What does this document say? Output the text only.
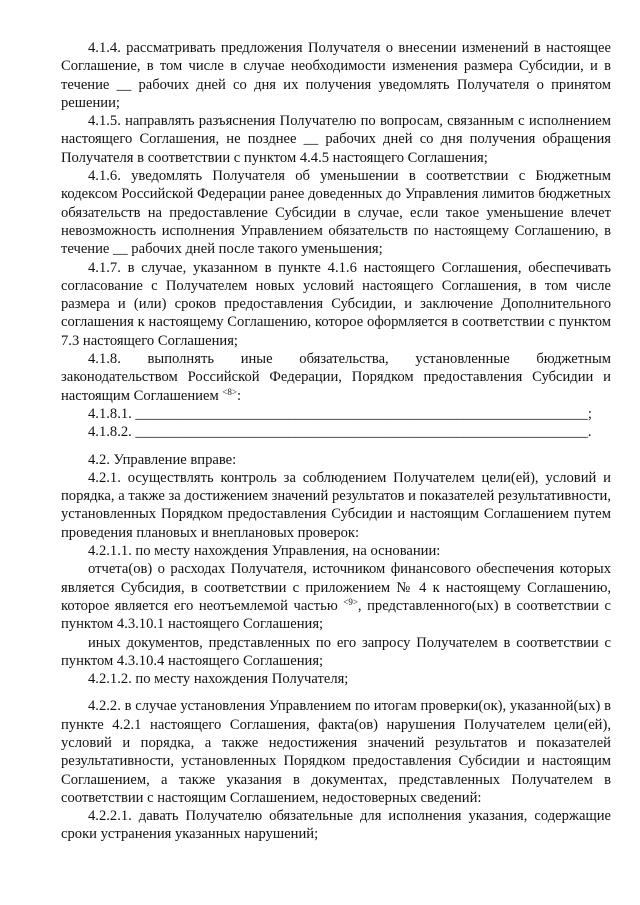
4.1.4. рассматривать предложения Получателя о внесении изменений в настоящее Соглашение, в том числе в случае необходимости изменения размера Субсидии, и в течение __ рабочих дней со дня их получения уведомлять Получателя о принятом решении;

4.1.5. направлять разъяснения Получателю по вопросам, связанным с исполнением настоящего Соглашения, не позднее __ рабочих дней со дня получения обращения Получателя в соответствии с пунктом 4.4.5 настоящего Соглашения;

4.1.6. уведомлять Получателя об уменьшении в соответствии с Бюджетным кодексом Российской Федерации ранее доведенных до Управления лимитов бюджетных обязательств на предоставление Субсидии в случае, если такое уменьшение влечет невозможность исполнения Управлением обязательств по настоящему Соглашению, в течение __ рабочих дней после такого уменьшения;

4.1.7. в случае, указанном в пункте 4.1.6 настоящего Соглашения, обеспечивать согласование с Получателем новых условий настоящего Соглашения, в том числе размера и (или) сроков предоставления Субсидии, и заключение Дополнительного соглашения к настоящему Соглашению, которое оформляется в соответствии с пунктом 7.3 настоящего Соглашения;

4.1.8. выполнять иные обязательства, установленные бюджетным законодательством Российской Федерации, Порядком предоставления Субсидии и настоящим Соглашением $^{<8>}$:

4.1.8.1. ______________________________________________________________;

4.1.8.2. ______________________________________________________________.

4.2. Управление вправе:

4.2.1. осуществлять контроль за соблюдением Получателем цели(ей), условий и порядка, а также за достижением значений результатов и показателей результативности, установленных Порядком предоставления Субсидии и настоящим Соглашением путем проведения плановых и внеплановых проверок:

4.2.1.1. по месту нахождения Управления, на основании:

отчета(ов) о расходах Получателя, источником финансового обеспечения которых является Субсидия, в соответствии с приложением № 4 к настоящему Соглашению, которое является его неотъемлемой частью $^{<9>}$, представленного(ых) в соответствии с пунктом 4.3.10.1 настоящего Соглашения;

иных документов, представленных по его запросу Получателем в соответствии с пунктом 4.3.10.4 настоящего Соглашения;

4.2.1.2. по месту нахождения Получателя;

4.2.2. в случае установления Управлением по итогам проверки(ок), указанной(ых) в пункте 4.2.1 настоящего Соглашения, факта(ов) нарушения Получателем цели(ей), условий и порядка, а также недостижения значений результатов и показателей результативности, установленных Порядком предоставления Субсидии и настоящим Соглашением, а также указания в документах, представленных Получателем в соответствии с настоящим Соглашением, недостоверных сведений:

4.2.2.1. давать Получателю обязательные для исполнения указания, содержащие сроки устранения указанных нарушений;
